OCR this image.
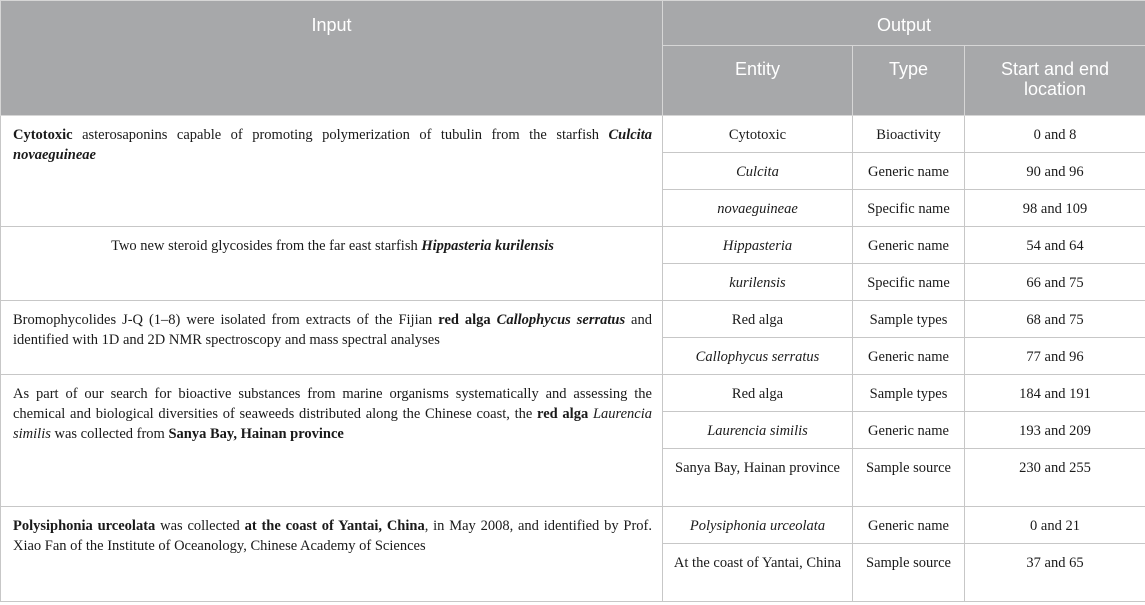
Input	Output		
	Entity	Type	Start and end location
Cytotoxic asterosaponins capable of promoting polymerization of tubulin from the starfish Culcita novaeguineae	Cytotoxic	Bioactivity	0 and 8
	Culcita	Generic name	90 and 96
	novaeguineae	Specific name	98 and 109
Two new steroid glycosides from the far east starfish Hippasteria kurilensis	Hippasteria	Generic name	54 and 64
	kurilensis	Specific name	66 and 75
Bromophycolides J-Q (1–8) were isolated from extracts of the Fijian red alga Callophycus serratus and identified with 1D and 2D NMR spectroscopy and mass spectral analyses	Red alga	Sample types	68 and 75
	Callophycus serratus	Generic name	77 and 96
As part of our search for bioactive substances from marine organisms systematically and assessing the chemical and biological diversities of seaweeds distributed along the Chinese coast, the red alga Laurencia similis was collected from Sanya Bay, Hainan province	Red alga	Sample types	184 and 191
	Laurencia similis	Generic name	193 and 209
	Sanya Bay, Hainan province	Sample source	230 and 255
Polysiphonia urceolata was collected at the coast of Yantai, China, in May 2008, and identified by Prof. Xiao Fan of the Institute of Oceanology, Chinese Academy of Sciences	Polysiphonia urceolata	Generic name	0 and 21
	At the coast of Yantai, China	Sample source	37 and 65
